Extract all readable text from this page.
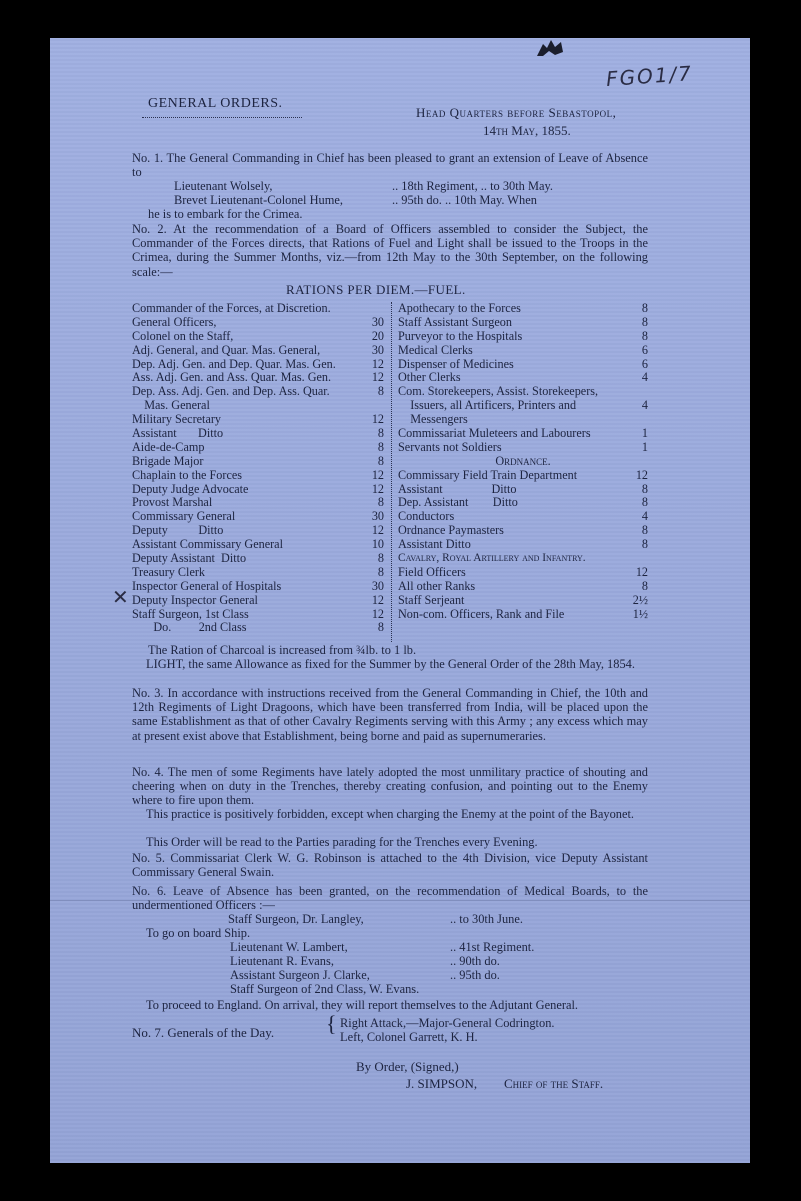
FGO1/7
GENERAL ORDERS.
Head Quarters before Sebastopol,
14th May, 1855.
No. 1. The General Commanding in Chief has been pleased to grant an extension of Leave of Absence to
Lieutenant Wolsely,	.. 18th Regiment, .. to 30th May.
Brevet Lieutenant-Colonel Hume,	.. 95th do. .. 10th May. When
he is to embark for the Crimea.
No. 2. At the recommendation of a Board of Officers assembled to consider the Subject, the Commander of the Forces directs, that Rations of Fuel and Light shall be issued to the Troops in the Crimea, during the Summer Months, viz.—from 12th May to the 30th September, on the following scale:—
RATIONS PER DIEM.—FUEL.
Commander of the Forces, at Discretion.
General Officers,	30
Colonel on the Staff,	20
Adj. General, and Quar. Mas. General,	30
Dep. Adj. Gen. and Dep. Quar. Mas. Gen.	12
Ass. Adj. Gen. and Ass. Quar. Mas. Gen.	12
Dep. Ass. Adj. Gen. and Dep. Ass. Quar.	8
Mas. General
Military Secretary	12
Assistant       Ditto	8
Aide-de-Camp	8
Brigade Major	8
Chaplain to the Forces	12
Deputy Judge Advocate	12
Provost Marshal	8
Commissary General	30
Deputy          Ditto	12
Assistant Commissary General	10
Deputy Assistant  Ditto	8
Treasury Clerk	8
Inspector General of Hospitals	30
Deputy Inspector General	12
Staff Surgeon, 1st Class	12
Do.         2nd Class	8
✕
Apothecary to the Forces	8
Staff Assistant Surgeon	8
Purveyor to the Hospitals	8
Medical Clerks	6
Dispenser of Medicines	6
Other Clerks	4
Com. Storekeepers, Assist. Storekeepers,
Issuers, all Artificers, Printers and	4
Messengers
Commissariat Muleteers and Labourers	1
Servants not Soldiers	1
Ordnance.
Commissary Field Train Department	12
Assistant                Ditto	8
Dep. Assistant        Ditto	8
Conductors	4
Ordnance Paymasters	8
Assistant Ditto	8
Cavalry, Royal Artillery and Infantry.
Field Officers	12
All other Ranks	8
Staff Serjeant	2½
Non-com. Officers, Rank and File	1½
The Ration of Charcoal is increased from ¾lb. to 1 lb.
LIGHT, the same Allowance as fixed for the Summer by the General Order of the 28th May, 1854.
No. 3. In accordance with instructions received from the General Commanding in Chief, the 10th and 12th Regiments of Light Dragoons, which have been transferred from India, will be placed upon the same Establishment as that of other Cavalry Regiments serving with this Army ; any excess which may at present exist above that Establishment, being borne and paid as supernumeraries.
No. 4. The men of some Regiments have lately adopted the most unmilitary practice of shouting and cheering when on duty in the Trenches, thereby creating confusion, and pointing out to the Enemy where to fire upon them.
This practice is positively forbidden, except when charging the Enemy at the point of the Bayonet.
This Order will be read to the Parties parading for the Trenches every Evening.
No. 5. Commissariat Clerk W. G. Robinson is attached to the 4th Division, vice Deputy Assistant Commissary General Swain.
No. 6. Leave of Absence has been granted, on the recommendation of Medical Boards, to the undermentioned Officers :—
Staff Surgeon, Dr. Langley,	.. to 30th June.
To go on board Ship.
Lieutenant W. Lambert,	.. 41st Regiment.
Lieutenant R. Evans,	.. 90th do.
Assistant Surgeon J. Clarke,	.. 95th do.
Staff Surgeon of 2nd Class, W. Evans.
To proceed to England. On arrival, they will report themselves to the Adjutant General.
No. 7. Generals of the Day. { Right Attack,—Major-General Codrington.
Left, Colonel Garrett, K. H.
By Order, (Signed,)
J. SIMPSON, Chief of the Staff.
